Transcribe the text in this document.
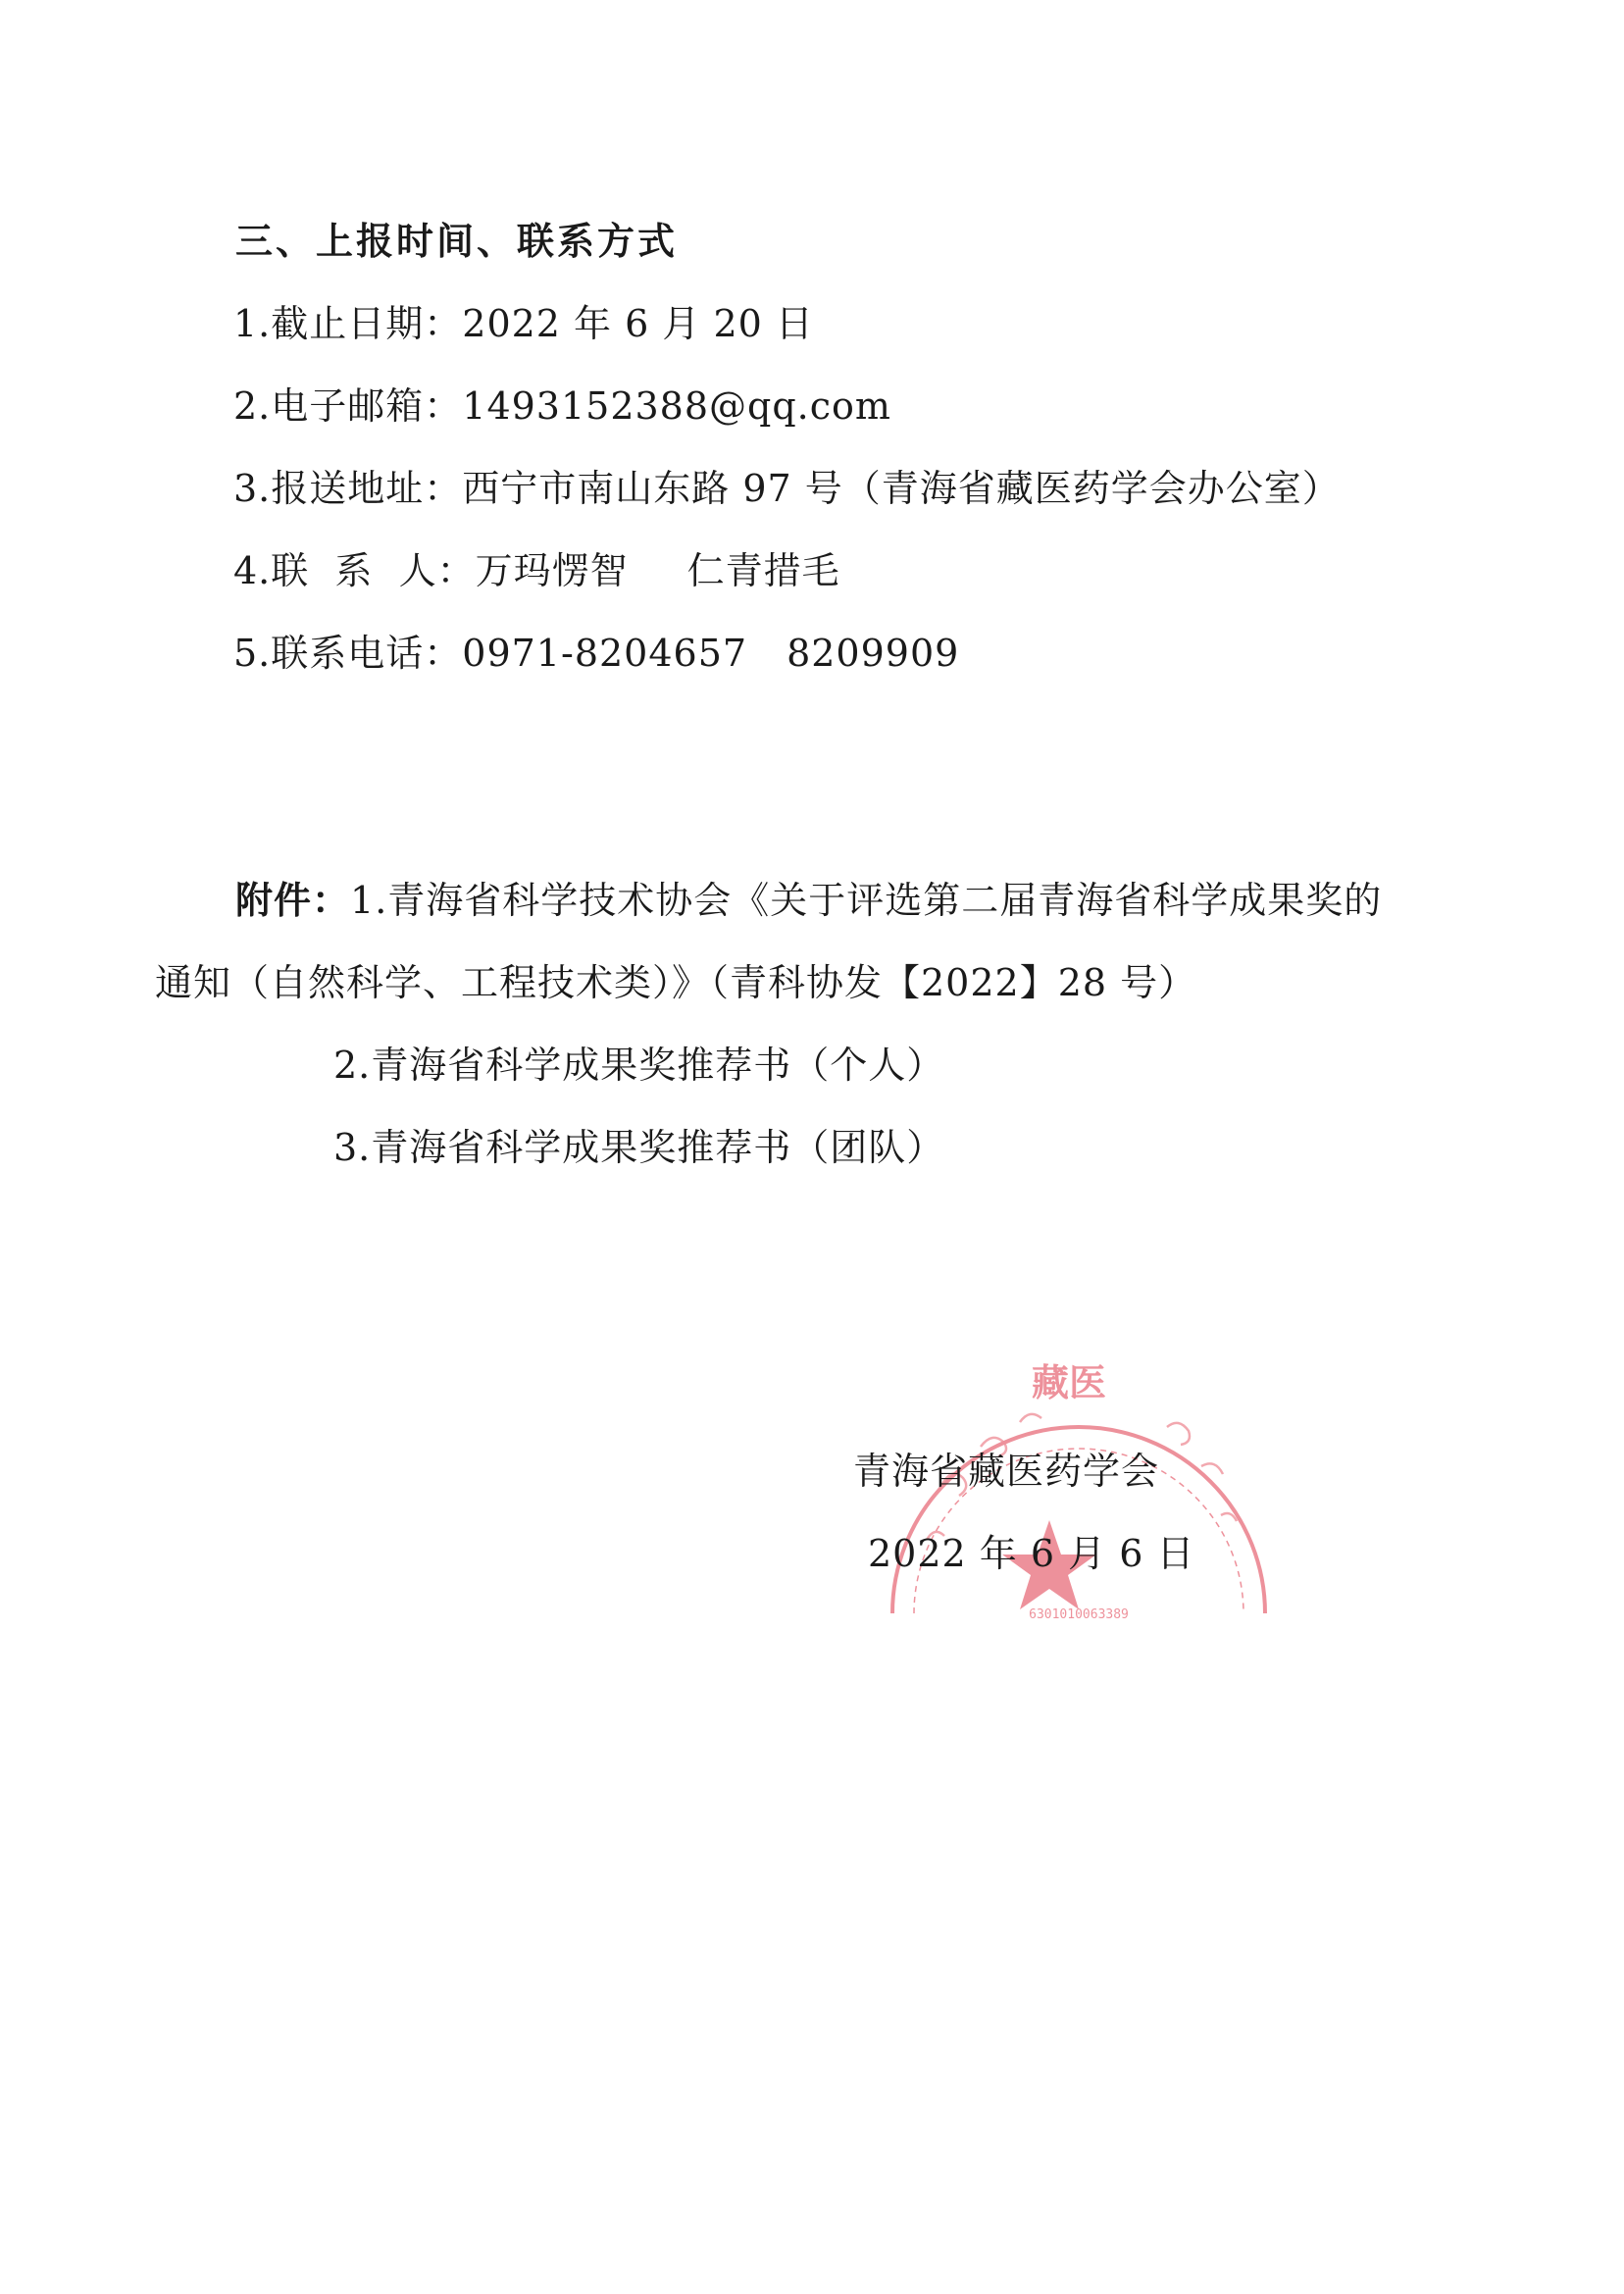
三、上报时间、联系方式
1.截止日期：2022 年 6 月 20 日
2.电子邮箱：1493152388@qq.com
3.报送地址：西宁市南山东路 97 号（青海省藏医药学会办公室）
4.联  系  人：万玛愣智 仁青措毛
5.联系电话：0971-8204657 8209909
附件：1.青海省科学技术协会《关于评选第二届青海省科学成果奖的
通知（自然科学、工程技术类）》（青科协发【2022】28 号）
2.青海省科学成果奖推荐书（个人）
3.青海省科学成果奖推荐书（团队）
藏医
6301010063389
青海省藏医药学会
2022 年 6 月 6 日
